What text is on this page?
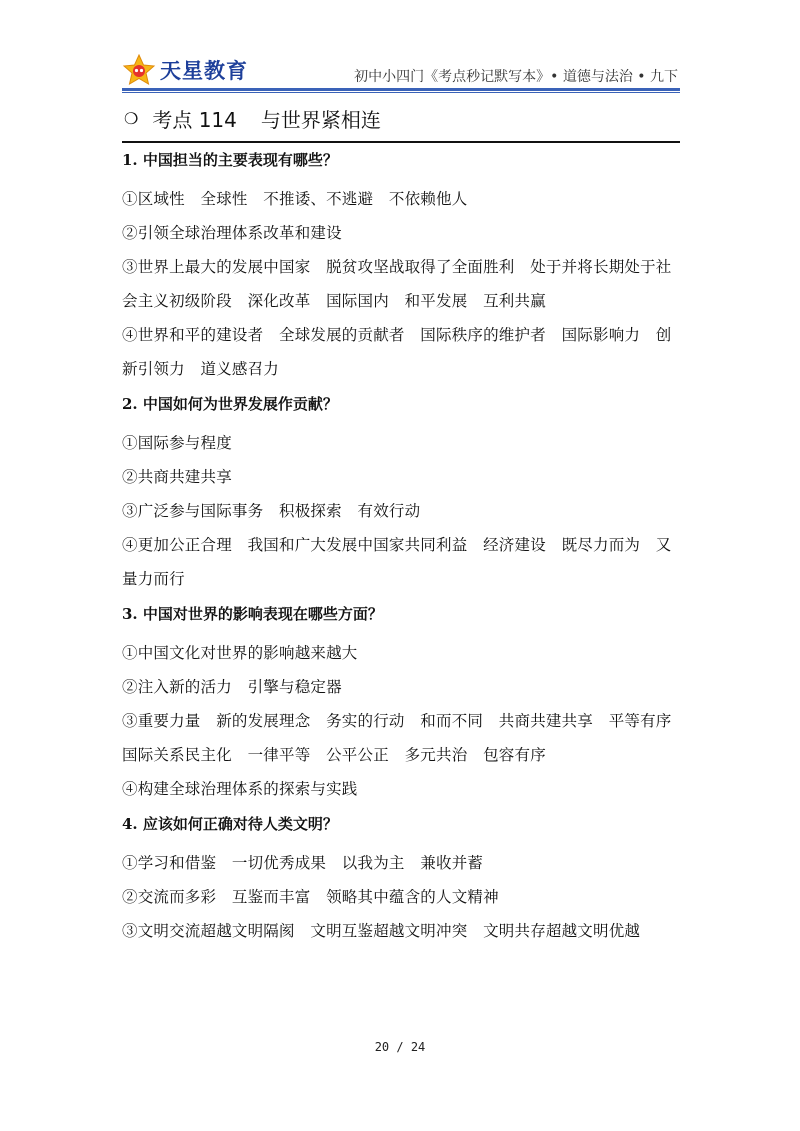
天星教育	初中小四门《考点秒记默写本》• 道德与法治 • 九下
❍ 考点 114 与世界紧相连
1. 中国担当的主要表现有哪些？

①区域性　全球性　不推诿、不逃避　不依赖他人

②引领全球治理体系改革和建设

③世界上最大的发展中国家　脱贫攻坚战取得了全面胜利　处于并将长期处于社会主义初级阶段　深化改革　国际国内　和平发展　互利共赢

④世界和平的建设者　全球发展的贡献者　国际秩序的维护者　国际影响力　创新引领力　道义感召力

2. 中国如何为世界发展作贡献？

①国际参与程度

②共商共建共享

③广泛参与国际事务　积极探索　有效行动

④更加公正合理　我国和广大发展中国家共同利益　经济建设　既尽力而为　又量力而行

3. 中国对世界的影响表现在哪些方面？

①中国文化对世界的影响越来越大

②注入新的活力　引擎与稳定器

③重要力量　新的发展理念　务实的行动　和而不同　共商共建共享　平等有序　国际关系民主化　一律平等　公平公正　多元共治　包容有序

④构建全球治理体系的探索与实践

4. 应该如何正确对待人类文明？

①学习和借鉴　一切优秀成果　以我为主　兼收并蓄

②交流而多彩　互鉴而丰富　领略其中蕴含的人文精神

③文明交流超越文明隔阂　文明互鉴超越文明冲突　文明共存超越文明优越

20 / 24
